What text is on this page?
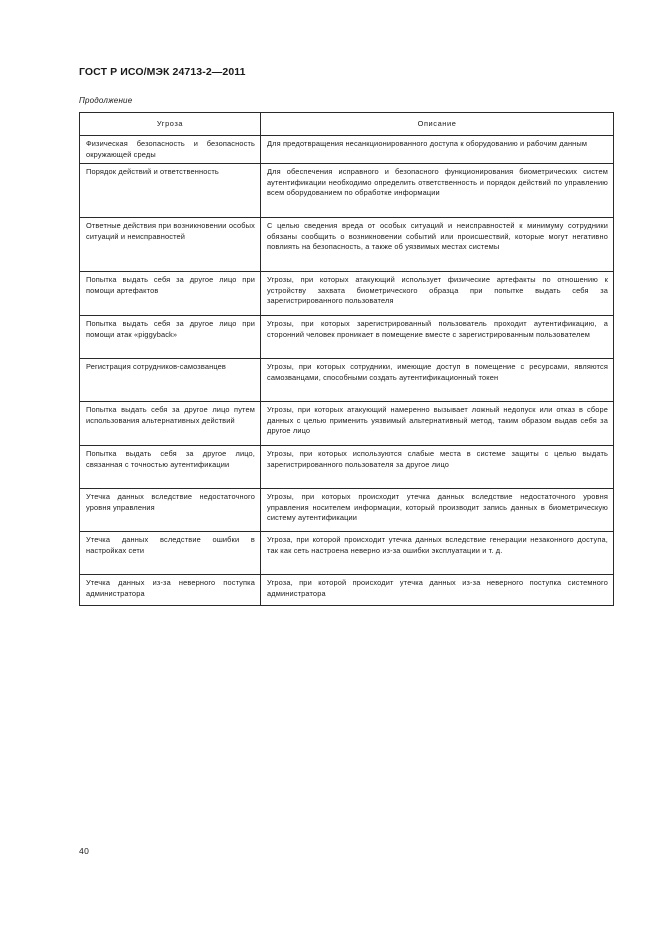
ГОСТ Р ИСО/МЭК 24713-2—2011
Продолжение
Угроза	Описание
Физическая безопасность и безопасность окружающей среды	Для предотвращения несанкционированного доступа к оборудованию и рабочим данным
Порядок действий и ответственность	Для обеспечения исправного и безопасного функционирования биометрических систем аутентификации необходимо определить ответственность и порядок действий по управлению всем оборудованием по обработке информации
Ответные действия при возникновении особых ситуаций и неисправностей	С целью сведения вреда от особых ситуаций и неисправностей к минимуму сотрудники обязаны сообщить о возникновении событий или происшествий, которые могут негативно повлиять на безопасность, а также об уязвимых местах системы
Попытка выдать себя за другое лицо при помощи артефактов	Угрозы, при которых атакующий использует физические артефакты по отношению к устройству захвата биометрического образца при попытке выдать себя за зарегистрированного пользователя
Попытка выдать себя за другое лицо при помощи атак «piggyback»	Угрозы, при которых зарегистрированный пользователь проходит аутентификацию, а сторонний человек проникает в помещение вместе с зарегистрированным пользователем
Регистрация сотрудников-самозванцев	Угрозы, при которых сотрудники, имеющие доступ в помещение с ресурсами, являются самозванцами, способными создать аутентификационный токен
Попытка выдать себя за другое лицо путем использования альтернативных действий	Угрозы, при которых атакующий намеренно вызывает ложный недопуск или отказ в сборе данных с целью применить уязвимый альтернативный метод, таким образом выдав себя за другое лицо
Попытка выдать себя за другое лицо, связанная с точностью аутентификации	Угрозы, при которых используются слабые места в системе защиты с целью выдать зарегистрированного пользователя за другое лицо
Утечка данных вследствие недостаточного уровня управления	Угрозы, при которых происходит утечка данных вследствие недостаточного уровня управления носителем информации, который производит запись данных в биометрическую систему аутентификации
Утечка данных вследствие ошибки в настройках сети	Угроза, при которой происходит утечка данных вследствие генерации незаконного доступа, так как сеть настроена неверно из-за ошибки эксплуатации и т. д.
Утечка данных из-за неверного поступка администратора	Угроза, при которой происходит утечка данных из-за неверного поступка системного администратора
40
